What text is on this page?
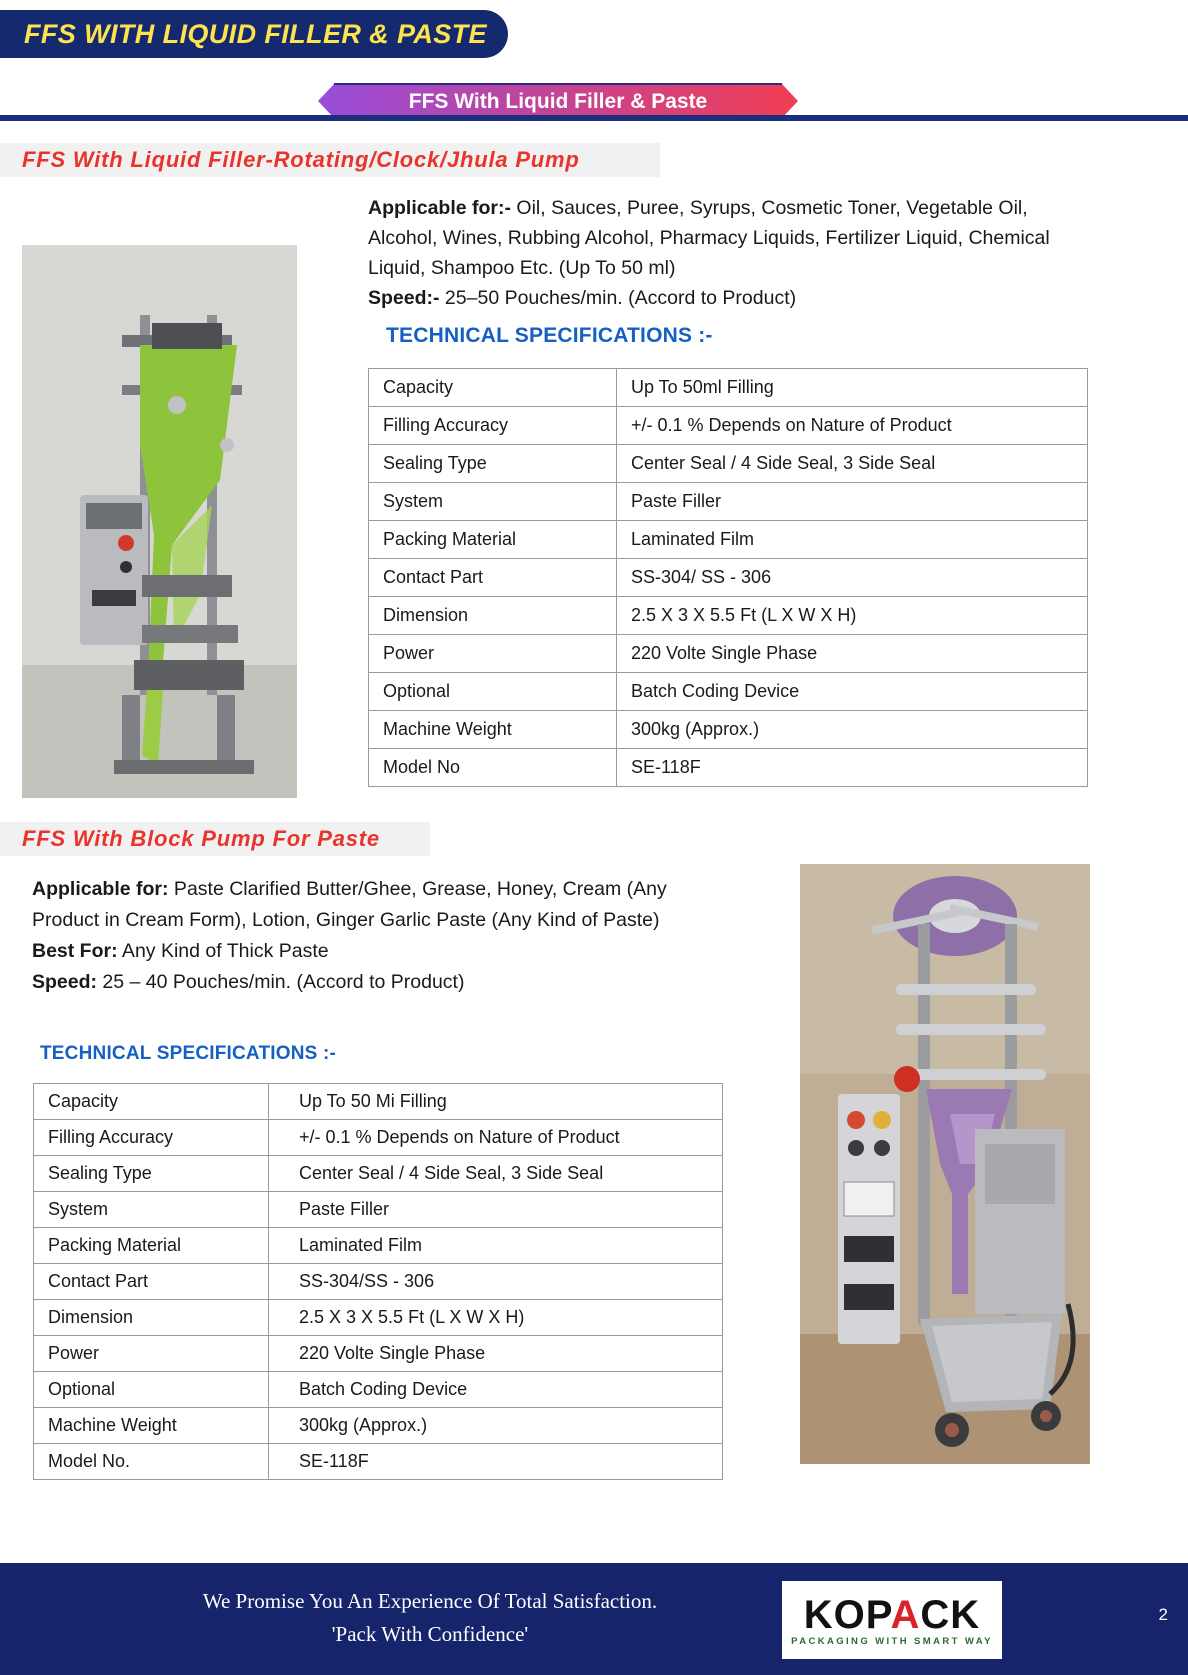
FFS WITH LIQUID FILLER & PASTE
FFS With Liquid Filler & Paste
FFS With Liquid Filler-Rotating/Clock/Jhula Pump
Applicable for:- Oil, Sauces, Puree, Syrups, Cosmetic Toner, Vegetable Oil, Alcohol, Wines, Rubbing Alcohol, Pharmacy Liquids, Fertilizer Liquid, Chemical Liquid, Shampoo Etc. (Up To 50 ml)
Speed:- 25–50 Pouches/min. (Accord to Product)
TECHNICAL SPECIFICATIONS :-
Capacity	Up To 50ml Filling
Filling Accuracy	+/- 0.1 % Depends on Nature of Product
Sealing Type	Center Seal / 4 Side Seal, 3 Side Seal
System	Paste Filler
Packing Material	Laminated Film
Contact Part	SS-304/ SS - 306
Dimension	2.5 X 3 X 5.5 Ft (L X W X H)
Power	220 Volte Single Phase
Optional	Batch Coding Device
Machine Weight	300kg (Approx.)
Model No	SE-118F
FFS With Block Pump For Paste
Applicable for: Paste Clarified Butter/Ghee, Grease, Honey, Cream (Any Product in Cream Form), Lotion, Ginger Garlic Paste (Any Kind of Paste)
Best For: Any Kind of Thick Paste
Speed: 25 – 40 Pouches/min. (Accord to Product)
TECHNICAL SPECIFICATIONS :-
Capacity	Up To 50 Mi Filling
Filling Accuracy	+/- 0.1 % Depends on Nature of Product
Sealing Type	Center Seal / 4 Side Seal, 3 Side Seal
System	Paste Filler
Packing Material	Laminated Film
Contact Part	SS-304/SS - 306
Dimension	2.5 X 3 X 5.5 Ft (L X W X H)
Power	220 Volte Single Phase
Optional	Batch Coding Device
Machine Weight	300kg (Approx.)
Model No.	SE-118F
We Promise You An Experience Of Total Satisfaction.
'Pack With Confidence'	KOPACK
PACKAGING WITH SMART WAY
2
